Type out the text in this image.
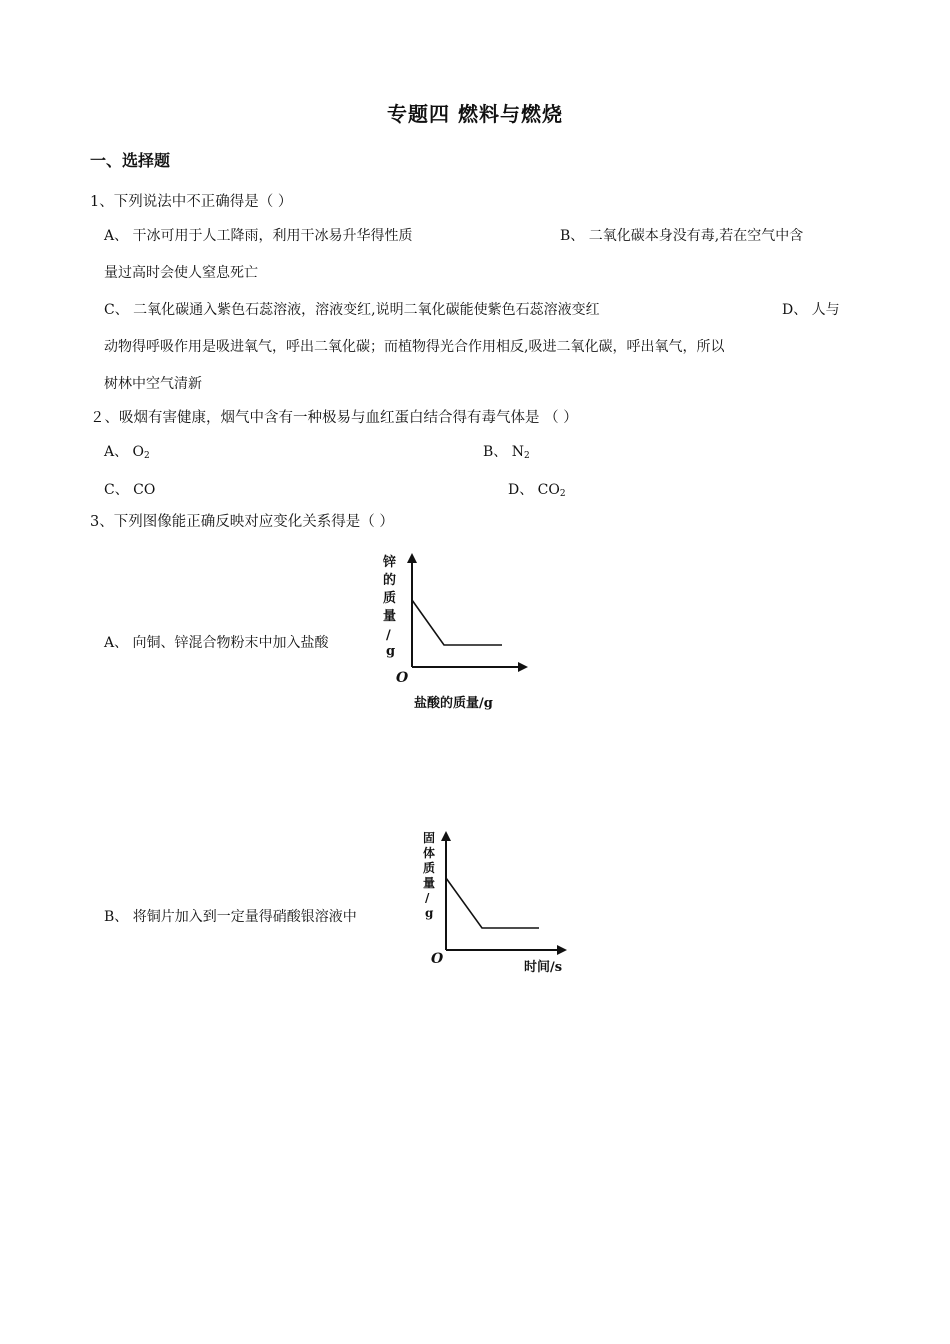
专题四 燃料与燃烧
一、选择题
1、下列说法中不正确得是（ ）
A、 干冰可用于人工降雨，利用干冰易升华得性质	B、 二氧化碳本身没有毒,若在空气中含
量过高时会使人窒息死亡
C、 二氧化碳通入紫色石蕊溶液，溶液变红,说明二氧化碳能使紫色石蕊溶液变红	D、 人与
动物得呼吸作用是吸进氧气，呼出二氧化碳；而植物得光合作用相反,吸进二氧化碳，呼出氧气，所以
树林中空气清新
２、吸烟有害健康，烟气中含有一种极易与血红蛋白结合得有毒气体是 （ ）
A、 $O_2$	B、 $N_2$
C、 CO	D、 $CO_2$
3、下列图像能正确反映对应变化关系得是（ ）
A、 向铜、锌混合物粉末中加入盐酸
B、 将铜片加入到一定量得硝酸银溶液中
锌
的
质
量
/
g
O
盐酸的质量/g
固
体
质
量
/
g
O
时间/s
